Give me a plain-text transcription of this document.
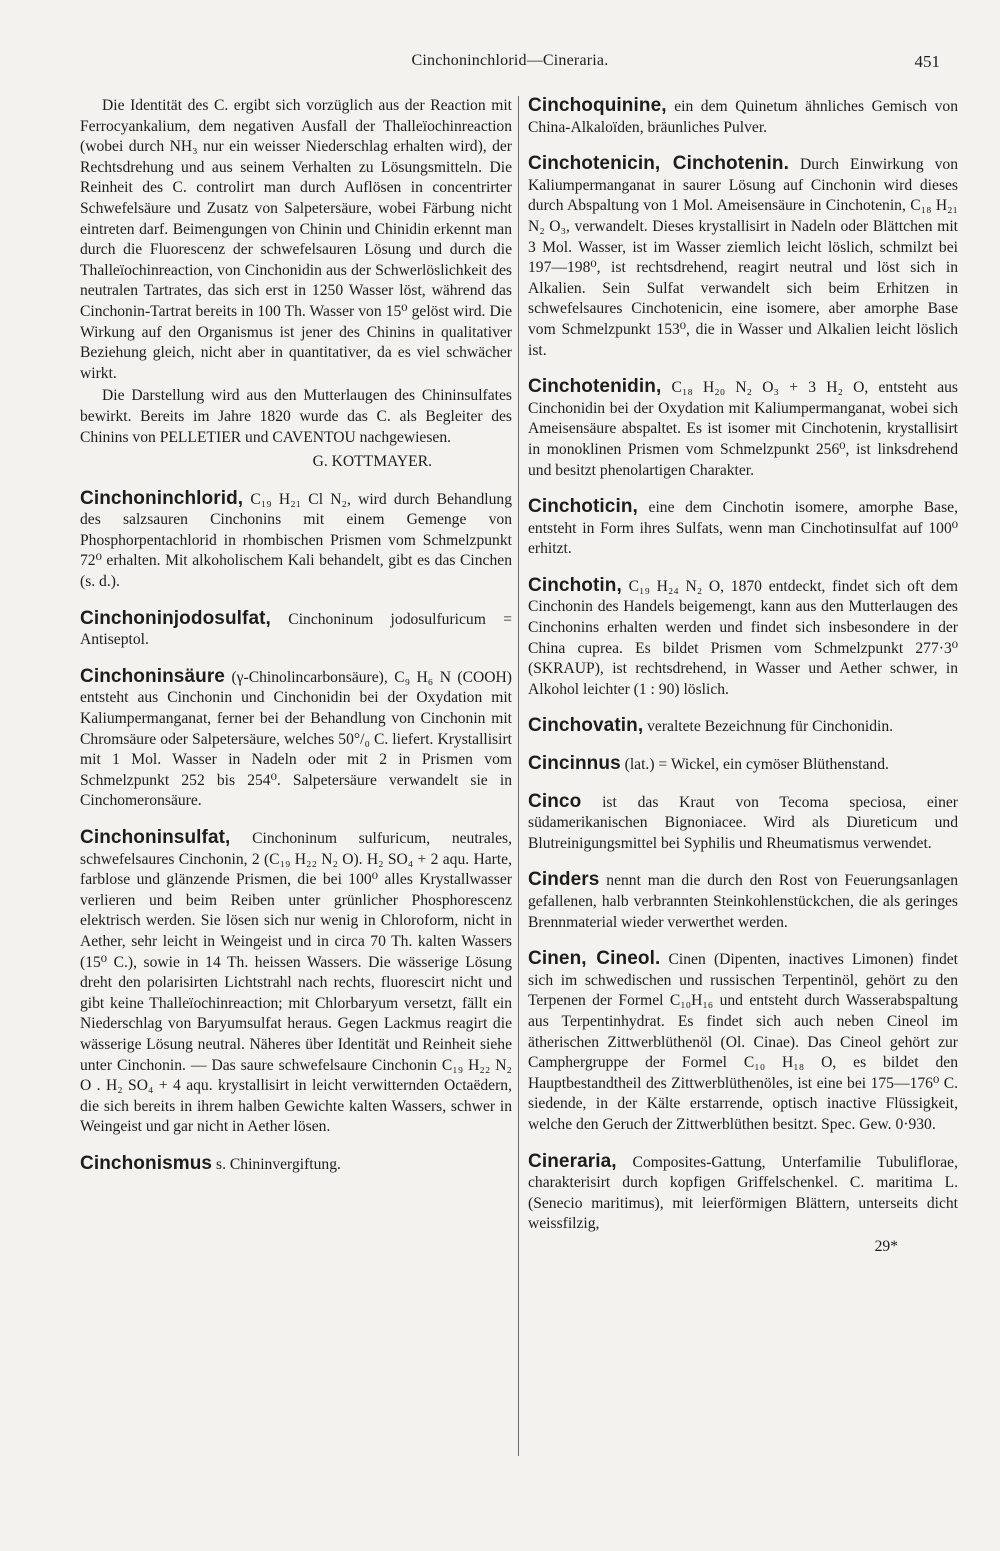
Cinchoninchlorid—Cineraria.	451

Die Identität des C. ergibt sich vorzüglich aus der Reaction mit Ferrocyankalium, dem negativen Ausfall der Thalleïochinreaction (wobei durch NH₃ nur ein weisser Niederschlag erhalten wird), der Rechtsdrehung und aus seinem Verhalten zu Lösungsmitteln. Die Reinheit des C. controlirt man durch Auflösen in concentrirter Schwefelsäure und Zusatz von Salpetersäure, wobei Färbung nicht eintreten darf. Beimengungen von Chinin und Chinidin erkennt man durch die Fluorescenz der schwefelsauren Lösung und durch die Thalleïochinreaction, von Cinchonidin aus der Schwerlöslichkeit des neutralen Tartrates, das sich erst in 1250 Wasser löst, während das Cinchonin-Tartrat bereits in 100 Th. Wasser von 15⁰ gelöst wird. Die Wirkung auf den Organismus ist jener des Chinins in qualitativer Beziehung gleich, nicht aber in quantitativer, da es viel schwächer wirkt.

Die Darstellung wird aus den Mutterlaugen des Chininsulfates bewirkt. Bereits im Jahre 1820 wurde das C. als Begleiter des Chinins von PELLETIER und CAVENTOU nachgewiesen.

G. KOTTMAYER.

Cinchoninchlorid, C₁₉ H₂₁ Cl N₂, wird durch Behandlung des salzsauren Cinchonins mit einem Gemenge von Phosphorpentachlorid in rhombischen Prismen vom Schmelzpunkt 72⁰ erhalten. Mit alkoholischem Kali behandelt, gibt es das Cinchen (s. d.).

Cinchoninjodosulfat, Cinchoninum jodosulfuricum = Antiseptol.

Cinchoninsäure (γ-Chinolincarbonsäure), C₉ H₆ N (COOH) entsteht aus Cinchonin und Cinchonidin bei der Oxydation mit Kaliumpermanganat, ferner bei der Behandlung von Cinchonin mit Chromsäure oder Salpetersäure, welches 50°/₀ C. liefert. Krystallisirt mit 1 Mol. Wasser in Nadeln oder mit 2 in Prismen vom Schmelzpunkt 252 bis 254⁰. Salpetersäure verwandelt sie in Cinchomeronsäure.

Cinchoninsulfat, Cinchoninum sulfuricum, neutrales, schwefelsaures Cinchonin, 2 (C₁₉ H₂₂ N₂ O). H₂ SO₄ + 2 aqu. Harte, farblose und glänzende Prismen, die bei 100⁰ alles Krystallwasser verlieren und beim Reiben unter grünlicher Phosphorescenz elektrisch werden. Sie lösen sich nur wenig in Chloroform, nicht in Aether, sehr leicht in Weingeist und in circa 70 Th. kalten Wassers (15⁰ C.), sowie in 14 Th. heissen Wassers. Die wässerige Lösung dreht den polarisirten Lichtstrahl nach rechts, fluorescirt nicht und gibt keine Thalleïochinreaction; mit Chlorbaryum versetzt, fällt ein Niederschlag von Baryumsulfat heraus. Gegen Lackmus reagirt die wässerige Lösung neutral. Näheres über Identität und Reinheit siehe unter Cinchonin. — Das saure schwefelsaure Cinchonin C₁₉ H₂₂ N₂ O . H₂ SO₄ + 4 aqu. krystallisirt in leicht verwitternden Octaëdern, die sich bereits in ihrem halben Gewichte kalten Wassers, schwer in Weingeist und gar nicht in Aether lösen.

Cinchonismus s. Chininvergiftung.

Cinchoquinine, ein dem Quinetum ähnliches Gemisch von China-Alkaloïden, bräunliches Pulver.

Cinchotenicin, Cinchotenin. Durch Einwirkung von Kaliumpermanganat in saurer Lösung auf Cinchonin wird dieses durch Abspaltung von 1 Mol. Ameisensäure in Cinchotenin, C₁₈ H₂₁ N₂ O₃, verwandelt. Dieses krystallisirt in Nadeln oder Blättchen mit 3 Mol. Wasser, ist im Wasser ziemlich leicht löslich, schmilzt bei 197—198⁰, ist rechtsdrehend, reagirt neutral und löst sich in Alkalien. Sein Sulfat verwandelt sich beim Erhitzen in schwefelsaures Cinchotenicin, eine isomere, aber amorphe Base vom Schmelzpunkt 153⁰, die in Wasser und Alkalien leicht löslich ist.

Cinchotenidin, C₁₈ H₂₀ N₂ O₃ + 3 H₂ O, entsteht aus Cinchonidin bei der Oxydation mit Kaliumpermanganat, wobei sich Ameisensäure abspaltet. Es ist isomer mit Cinchotenin, krystallisirt in monoklinen Prismen vom Schmelzpunkt 256⁰, ist linksdrehend und besitzt phenolartigen Charakter.

Cinchoticin, eine dem Cinchotin isomere, amorphe Base, entsteht in Form ihres Sulfats, wenn man Cinchotinsulfat auf 100⁰ erhitzt.

Cinchotin, C₁₉ H₂₄ N₂ O, 1870 entdeckt, findet sich oft dem Cinchonin des Handels beigemengt, kann aus den Mutterlaugen des Cinchonins erhalten werden und findet sich insbesondere in der China cuprea. Es bildet Prismen vom Schmelzpunkt 277·3⁰ (SKRAUP), ist rechtsdrehend, in Wasser und Aether schwer, in Alkohol leichter (1 : 90) löslich.

Cinchovatin, veraltete Bezeichnung für Cinchonidin.

Cincinnus (lat.) = Wickel, ein cymöser Blüthenstand.

Cinco ist das Kraut von Tecoma speciosa, einer südamerikanischen Bignoniacee. Wird als Diureticum und Blutreinigungsmittel bei Syphilis und Rheumatismus verwendet.

Cinders nennt man die durch den Rost von Feuerungsanlagen gefallenen, halb verbrannten Steinkohlenstückchen, die als geringes Brennmaterial wieder verwerthet werden.

Cinen, Cineol. Cinen (Dipenten, inactives Limonen) findet sich im schwedischen und russischen Terpentinöl, gehört zu den Terpenen der Formel C₁₀H₁₆ und entsteht durch Wasserabspaltung aus Terpentinhydrat. Es findet sich auch neben Cineol im ätherischen Zittwerblüthenöl (Ol. Cinae). Das Cineol gehört zur Camphergruppe der Formel C₁₀ H₁₈ O, es bildet den Hauptbestandtheil des Zittwerblüthenöles, ist eine bei 175—176⁰ C. siedende, in der Kälte erstarrende, optisch inactive Flüssigkeit, welche den Geruch der Zittwerblüthen besitzt. Spec. Gew. 0·930.

Cineraria, Composites-Gattung, Unterfamilie Tubuliflorae, charakterisirt durch kopfigen Griffelschenkel. C. maritima L. (Senecio maritimus), mit leierförmigen Blättern, unterseits dicht weissfilzig,

29*
